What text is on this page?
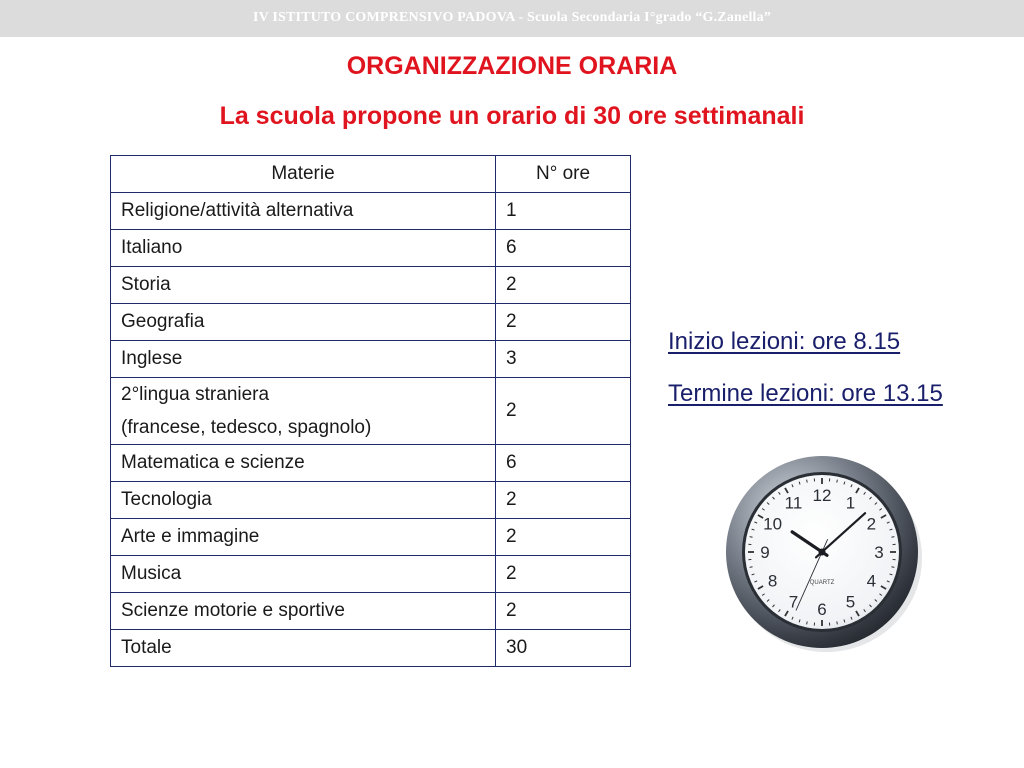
IV ISTITUTO COMPRENSIVO PADOVA - Scuola Secondaria I°grado “G.Zanella”
ORGANIZZAZIONE ORARIA
La scuola propone un orario di 30 ore settimanali
Materie	N° ore
Religione/attività alternativa	1
Italiano	6
Storia	2
Geografia	2
Inglese	3

2°lingua straniera
(francese, tedesco, spagnolo)	2
Matematica e scienze	6
Tecnologia	2
Arte e immagine	2
Musica	2
Scienze motorie e sportive	2
Totale	30
Inizio lezioni: ore 8.15
Termine lezioni: ore 13.15
12 1
2
3
4
5
6
7
8
9
10
11
QUARTZ
